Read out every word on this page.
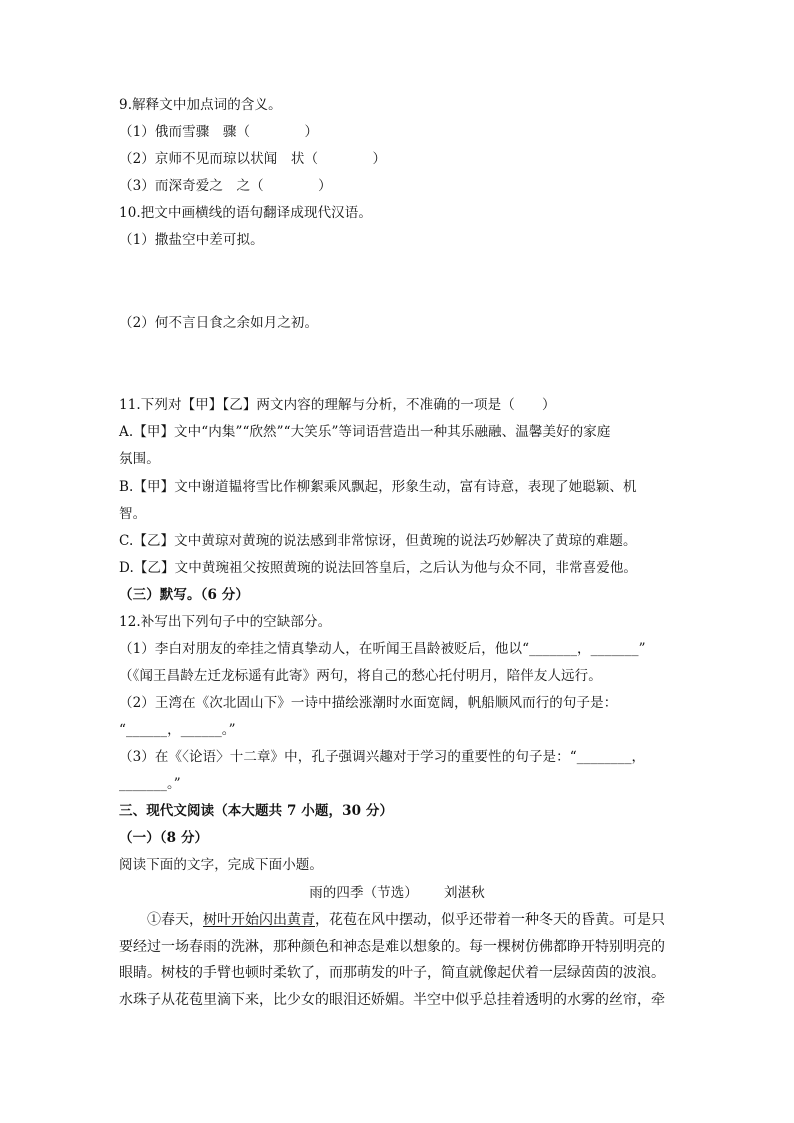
9.解释文中加点词的含义。
（1）俄而雪骤　骤（　　　　）
（2）京师不见而琼以状闻　状（　　　　）
（3）而深奇爱之　之（　　　　）
10.把文中画横线的语句翻译成现代汉语。
（1）撒盐空中差可拟。
（2）何不言日食之余如月之初。
11.下列对【甲】【乙】两文内容的理解与分析，不准确的一项是（　　）
A.【甲】文中“内集”“欣然”“大笑乐”等词语营造出一种其乐融融、温馨美好的家庭
氛围。
B.【甲】文中谢道韫将雪比作柳絮乘风飘起，形象生动，富有诗意，表现了她聪颖、机
智。
C.【乙】文中黄琼对黄琬的说法感到非常惊讶，但黄琬的说法巧妙解决了黄琼的难题。
D.【乙】文中黄琬祖父按照黄琬的说法回答皇后，之后认为他与众不同，非常喜爱他。
（三）默写。（6 分）
12.补写出下列句子中的空缺部分。
（1）李白对朋友的牵挂之情真挚动人，在听闻王昌龄被贬后，他以“_______，_______”
（《闻王昌龄左迁龙标遥有此寄》两句，将自己的愁心托付明月，陪伴友人远行。
（2）王湾在《次北固山下》一诗中描绘涨潮时水面宽阔，帆船顺风而行的句子是：
“______，______。”
（3）在《〈论语〉十二章》中，孔子强调兴趣对于学习的重要性的句子是：“________，
_______。”
三、现代文阅读（本大题共 7 小题，30 分）
（一）（8 分）
阅读下面的文字，完成下面小题。
雨的四季（节选） 刘湛秋

①春天，树叶开始闪出黄青，花苞在风中摆动，似乎还带着一种冬天的昏黄。可是只

要经过一场春雨的洗淋，那种颜色和神态是难以想象的。每一棵树仿佛都睁开特别明亮的

眼睛。树枝的手臂也顿时柔软了，而那萌发的叶子，简直就像起伏着一层绿茵茵的波浪。

水珠子从花苞里滴下来，比少女的眼泪还娇媚。半空中似乎总挂着透明的水雾的丝帘，牵
